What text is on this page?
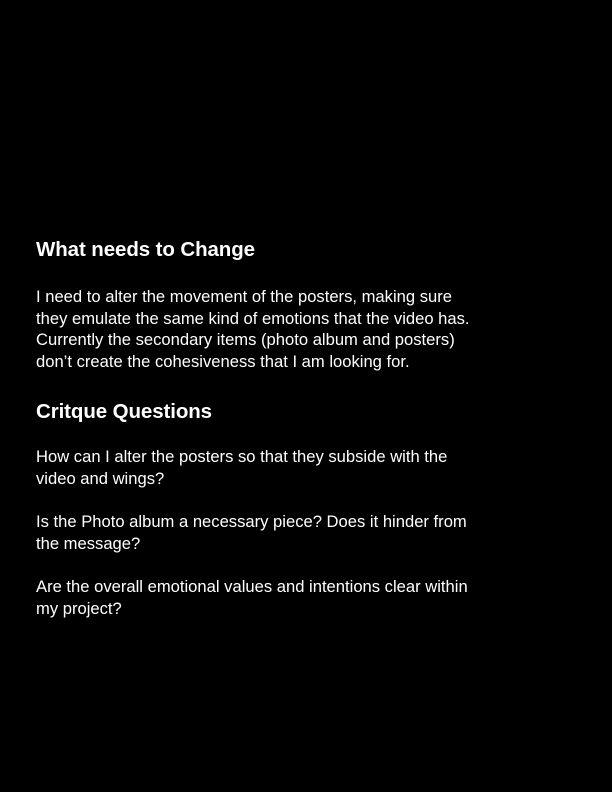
What needs to Change

I need to alter the movement of the posters, making sure
they emulate the same kind of emotions that the video has.
Currently the secondary items (photo album and posters)
don’t create the cohesiveness that I am looking for.

Critque Questions

How can I alter the posters so that they subside with the
video and wings?

Is the Photo album a necessary piece? Does it hinder from
the message?

Are the overall emotional values and intentions clear within
my project?
